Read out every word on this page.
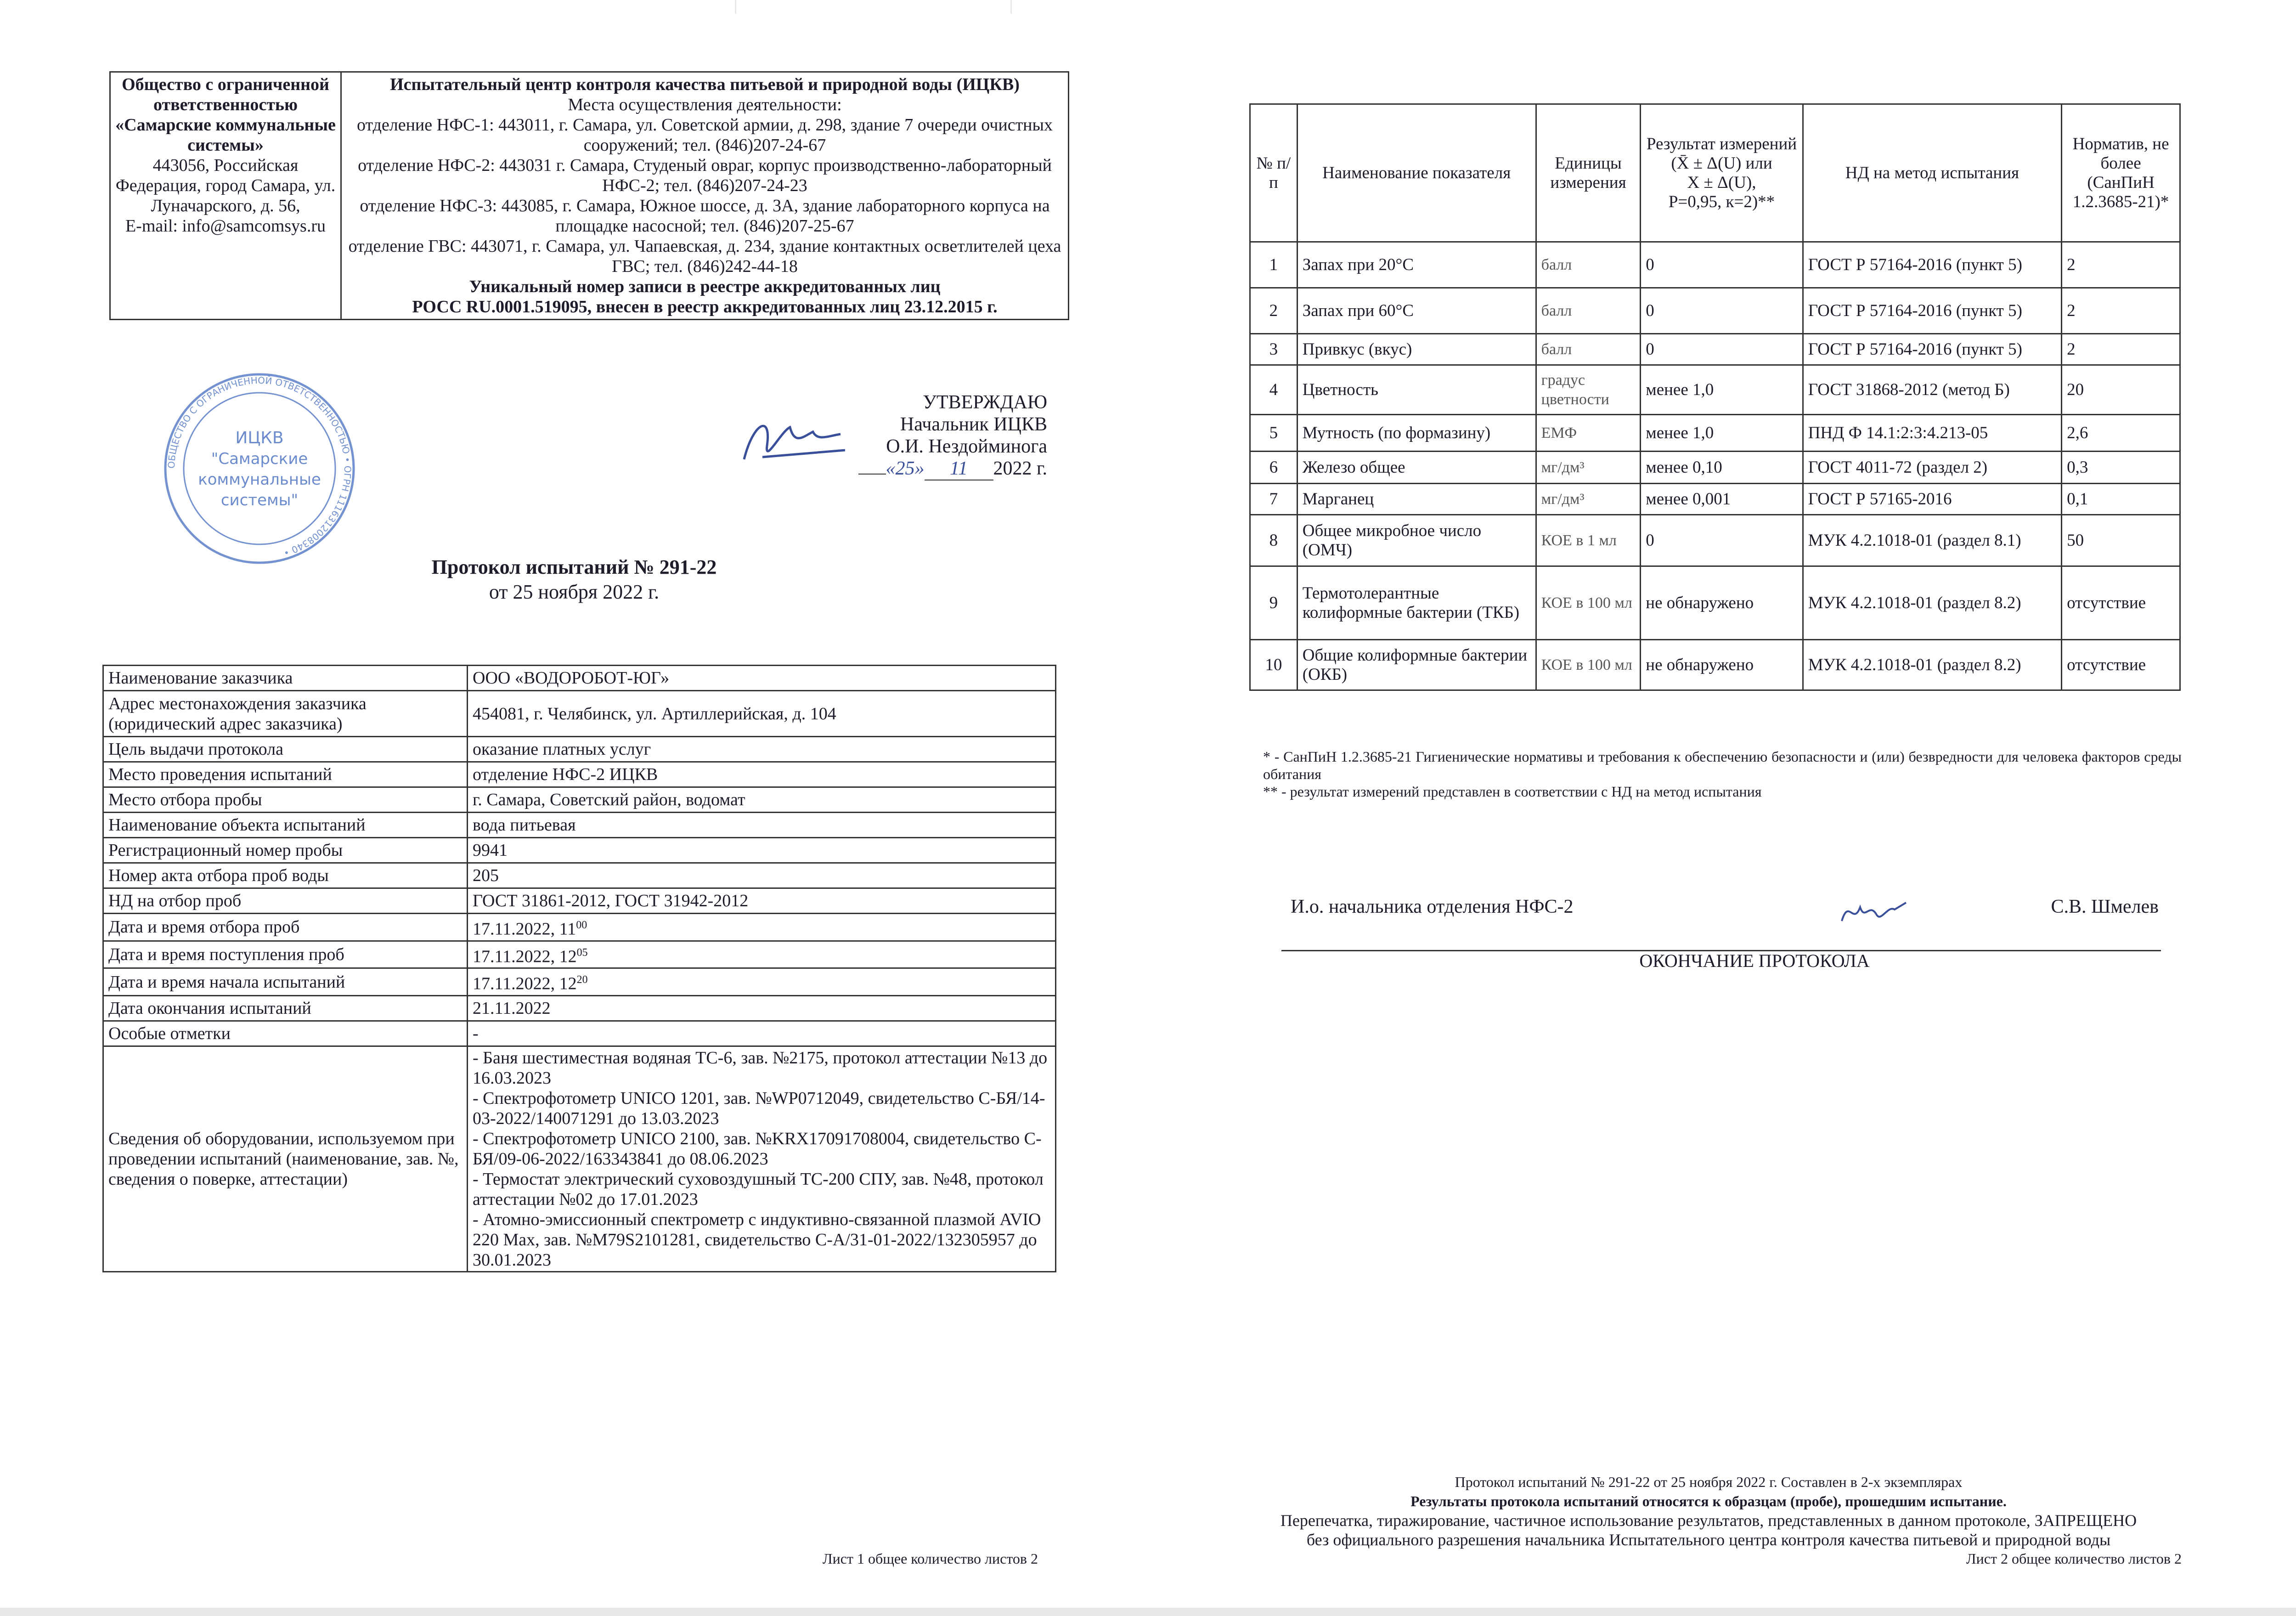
Общество с ограниченной ответственностью «Самарские коммунальные системы»
443056, Российская Федерация, город Самара, ул. Луначарского, д. 56,
E-mail: info@samcomsys.ru

Испытательный центр контроля качества питьевой и природной воды (ИЦКВ)
Места осуществления деятельности:
отделение НФС-1: 443011, г. Самара, ул. Советской армии, д. 298, здание 7 очереди очистных сооружений; тел. (846)207-24-67
отделение НФС-2: 443031 г. Самара, Студеный овраг, корпус производственно-лабораторный НФС-2; тел. (846)207-24-23
отделение НФС-3: 443085, г. Самара, Южное шоссе, д. 3А, здание лабораторного корпуса на площадке насосной; тел. (846)207-25-67
отделение ГВС: 443071, г. Самара, ул. Чапаевская, д. 234, здание контактных осветлителей цеха ГВС; тел. (846)242-44-18
Уникальный номер записи в реестре аккредитованных лиц
РОСС RU.0001.519095, внесен в реестр аккредитованных лиц 23.12.2015 г.
ОБЩЕСТВО С ОГРАНИЧЕННОЙ ОТВЕТСТВЕННОСТЬЮ • ОГРН 1116312008340 •
ИЦКВ
"Самарские
коммунальные
системы"
УТВЕРЖДАЮ
Начальник ИЦКВ
О.И. Нездойминога
«25» 11 2022 г.
Протокол испытаний № 291-22
от 25 ноября 2022 г.
Наименование заказчика	ООО «ВОДОРОБОТ-ЮГ»
Адрес местонахождения заказчика (юридический адрес заказчика)	454081, г. Челябинск, ул. Артиллерийская, д. 104
Цель выдачи протокола	оказание платных услуг
Место проведения испытаний	отделение НФС-2 ИЦКВ
Место отбора пробы	г. Самара, Советский район, водомат
Наименование объекта испытаний	вода питьевая
Регистрационный номер пробы	9941
Номер акта отбора проб воды	205
НД на отбор проб	ГОСТ 31861-2012, ГОСТ 31942-2012
Дата и время отбора проб	17.11.2022, $11^{00}$
Дата и время поступления проб	17.11.2022, $12^{05}$
Дата и время начала испытаний	17.11.2022, $12^{20}$
Дата окончания испытаний	21.11.2022
Особые отметки	-
Сведения об оборудовании, используемом при проведении испытаний (наименование, зав. №, сведения о поверке, аттестации)	- Баня шестиместная водяная ТС-6, зав. №2175, протокол аттестации №13 до 16.03.2023
- Спектрофотометр UNICO 1201, зав. №WP0712049, свидетельство С-БЯ/14-03-2022/140071291 до 13.03.2023
- Спектрофотометр UNICO 2100, зав. №KRX17091708004, свидетельство С-БЯ/09-06-2022/163343841 до 08.06.2023
- Термостат электрический суховоздушный ТС-200 СПУ, зав. №48, протокол аттестации №02 до 17.01.2023
- Атомно-эмиссионный спектрометр с индуктивно-связанной плазмой AVIO 220 Max, зав. №M79S2101281, свидетельство С-А/31-01-2022/132305957 до 30.01.2023
Лист 1 общее количество листов 2
№ п/п	Наименование показателя	Единицы измерения	Результат измерений
(X̄ ± Δ(U) или
X ± Δ(U),
P=0,95, к=2)**	НД на метод испытания	Норматив, не более (СанПиН 1.2.3685-21)*
1	Запах при 20°С	балл	0	ГОСТ Р 57164-2016 (пункт 5)	2
2	Запах при 60°С	балл	0	ГОСТ Р 57164-2016 (пункт 5)	2
3	Привкус (вкус)	балл	0	ГОСТ Р 57164-2016 (пункт 5)	2
4	Цветность	градус цветности	менее 1,0	ГОСТ 31868-2012 (метод Б)	20
5	Мутность (по формазину)	ЕМФ	менее 1,0	ПНД Ф 14.1:2:3:4.213-05	2,6
6	Железо общее	мг/дм³	менее 0,10	ГОСТ 4011-72 (раздел 2)	0,3
7	Марганец	мг/дм³	менее 0,001	ГОСТ Р 57165-2016	0,1
8	Общее микробное число (ОМЧ)	КОЕ в 1 мл	0	МУК 4.2.1018-01 (раздел 8.1)	50
9	Термотолерантные колиформные бактерии (ТКБ)	КОЕ в 100 мл	не обнаружено	МУК 4.2.1018-01 (раздел 8.2)	отсутствие
10	Общие колиформные бактерии (ОКБ)	КОЕ в 100 мл	не обнаружено	МУК 4.2.1018-01 (раздел 8.2)	отсутствие
* - СанПиН 1.2.3685-21 Гигиенические нормативы и требования к обеспечению безопасности и (или) безвредности для человека факторов среды обитания
** - результат измерений представлен в соответствии с НД на метод испытания
И.о. начальника отделения НФС-2	С.В. Шмелев
ОКОНЧАНИЕ ПРОТОКОЛА
Протокол испытаний № 291-22 от 25 ноября 2022 г. Составлен в 2-х экземплярах
Результаты протокола испытаний относятся к образцам (пробе), прошедшим испытание.
Перепечатка, тиражирование, частичное использование результатов, представленных в данном протоколе, ЗАПРЕЩЕНО
без официального разрешения начальника Испытательного центра контроля качества питьевой и природной воды
Лист 2 общее количество листов 2
